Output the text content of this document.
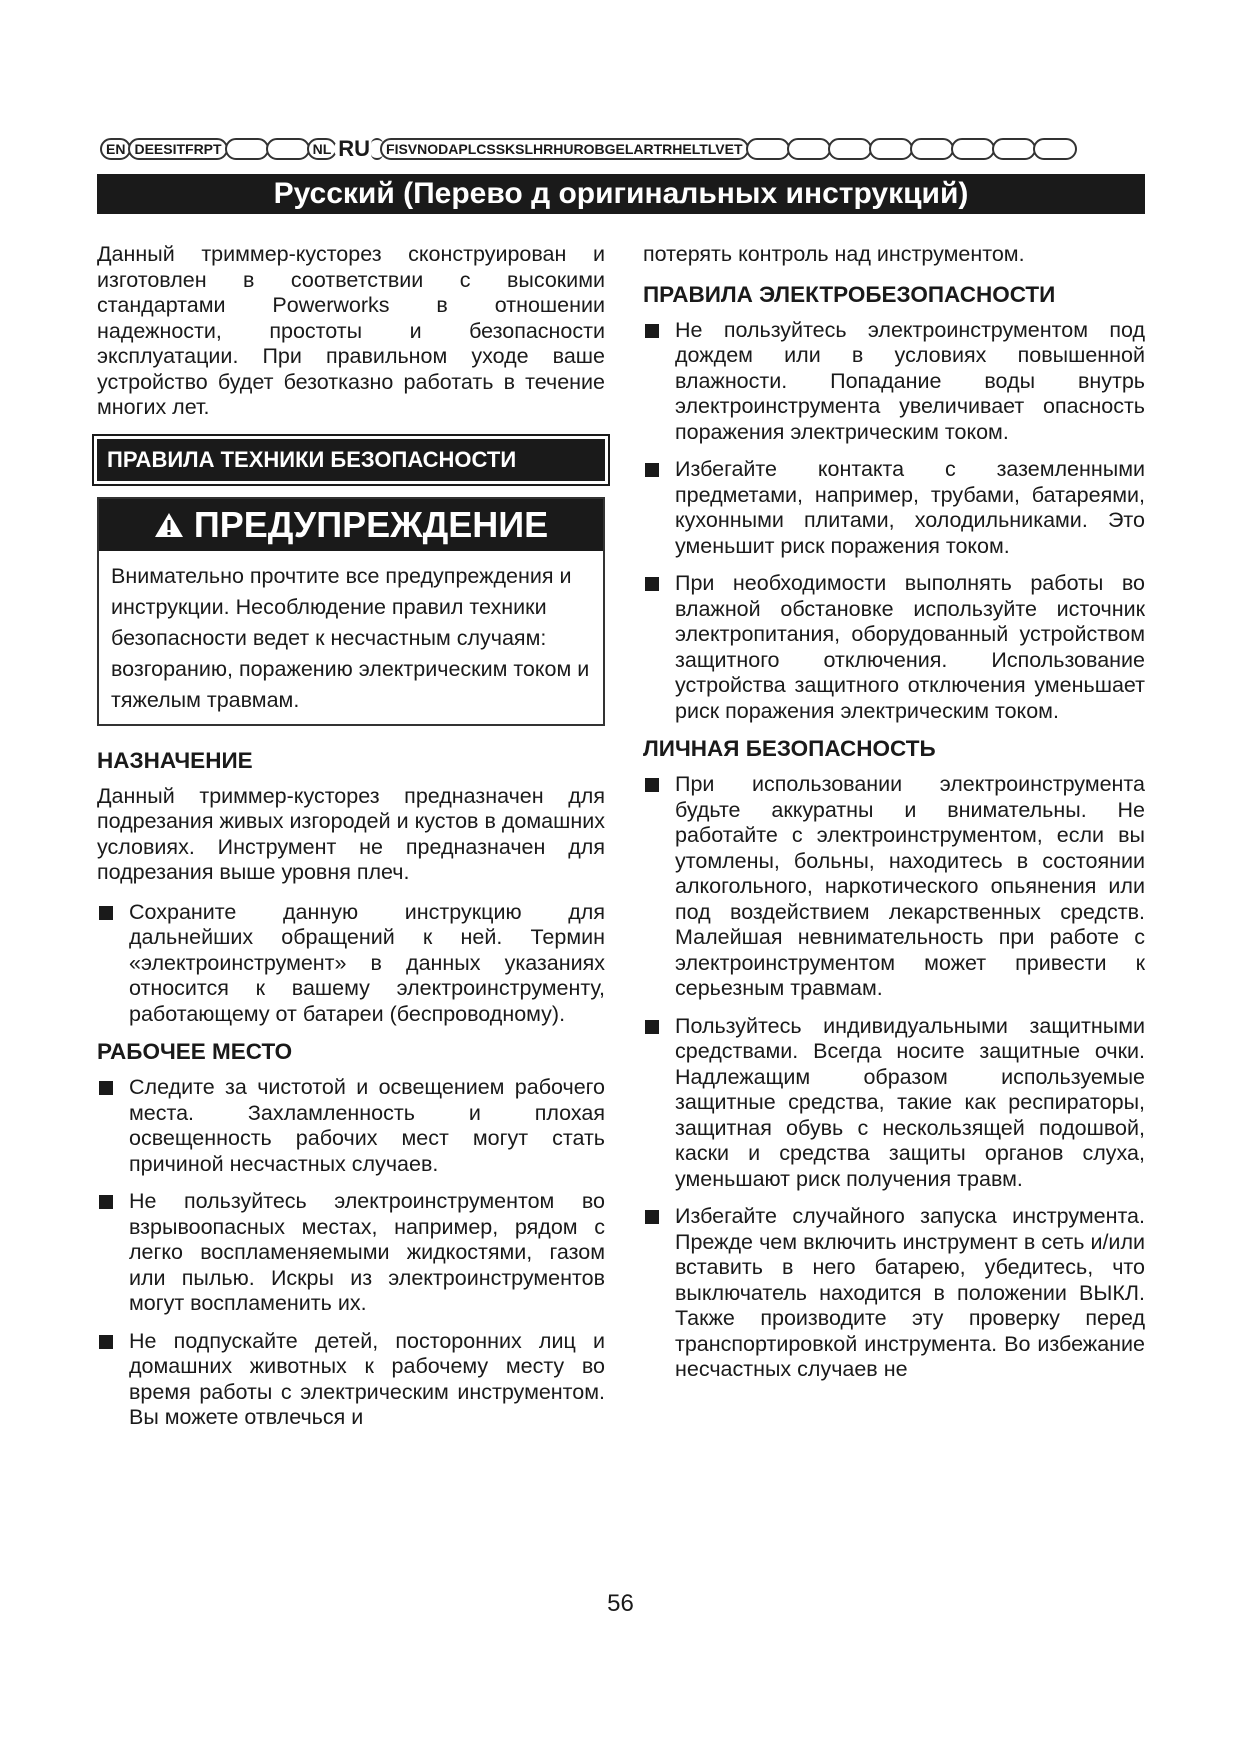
EN DEESITFRPT	NL RU	FISVNODAPLCSSKSLHRHUROBGELARTRHELTLVET
Русский (Перево д оригинальных инструкций)

Данный триммер-кусторез сконструирован и изготовлен в соответствии с высокими стандартами Powerworks в отношении надежности, простоты и безопасности эксплуатации. При правильном уходе ваше устройство будет безотказно работать в течение многих лет.

ПРАВИЛА ТЕХНИКИ БЕЗОПАСНОСТИ
ПРЕДУПРЕЖДЕНИЕ
Внимательно прочтите все предупреждения и инструкции. Несоблюдение правил техники безопасности ведет к несчастным случаям: возгоранию, поражению электрическим током и тяжелым травмам.
НАЗНАЧЕНИЕ

Данный триммер-кусторез предназначен для подрезания живых изгородей и кустов в домашних условиях. Инструмент не предназначен для подрезания выше уровня плеч.

Сохраните данную инструкцию для дальнейших обращений к ней. Термин «электроинструмент» в данных указаниях относится к вашему электроинструменту, работающему от батареи (беспроводному).
РАБОЧЕЕ МЕСТО
Следите за чистотой и освещением рабочего места. Захламленность и плохая освещенность рабочих мест могут стать причиной несчастных случаев.
Не пользуйтесь электроинструментом во взрывоопасных местах, например, рядом с легко воспламеняемыми жидкостями, газом или пылью. Искры из электроинструментов могут воспламенить их.
Не подпускайте детей, посторонних лиц и домашних животных к рабочему месту во время работы с электрическим инструментом. Вы можете отвлечься и

потерять контроль над инструментом.

ПРАВИЛА ЭЛЕКТРОБЕЗОПАСНОСТИ
Не пользуйтесь электроинструментом под дождем или в условиях повышенной влажности. Попадание воды внутрь электроинструмента увеличивает опасность поражения электрическим током.
Избегайте контакта с заземленными предметами, например, трубами, батареями, кухонными плитами, холодильниками. Это уменьшит риск поражения током.
При необходимости выполнять работы во влажной обстановке используйте источник электропитания, оборудованный устройством защитного отключения. Использование устройства защитного отключения уменьшает риск поражения электрическим током.
ЛИЧНАЯ БЕЗОПАСНОСТЬ
При использовании электроинструмента будьте аккуратны и внимательны. Не работайте с электроинструментом, если вы утомлены, больны, находитесь в состоянии алкогольного, наркотического опьянения или под воздействием лекарственных средств. Малейшая невнимательность при работе с электроинструментом может привести к серьезным травмам.
Пользуйтесь индивидуальными защитными средствами. Всегда носите защитные очки. Надлежащим образом используемые защитные средства, такие как респираторы, защитная обувь с нескользящей подошвой, каски и средства защиты органов слуха, уменьшают риск получения травм.
Избегайте случайного запуска инструмента. Прежде чем включить инструмент в сеть и/или вставить в него батарею, убедитесь, что выключатель находится в положении ВЫКЛ. Также производите эту проверку перед транспортировкой инструмента. Во избежание несчастных случаев не
56
